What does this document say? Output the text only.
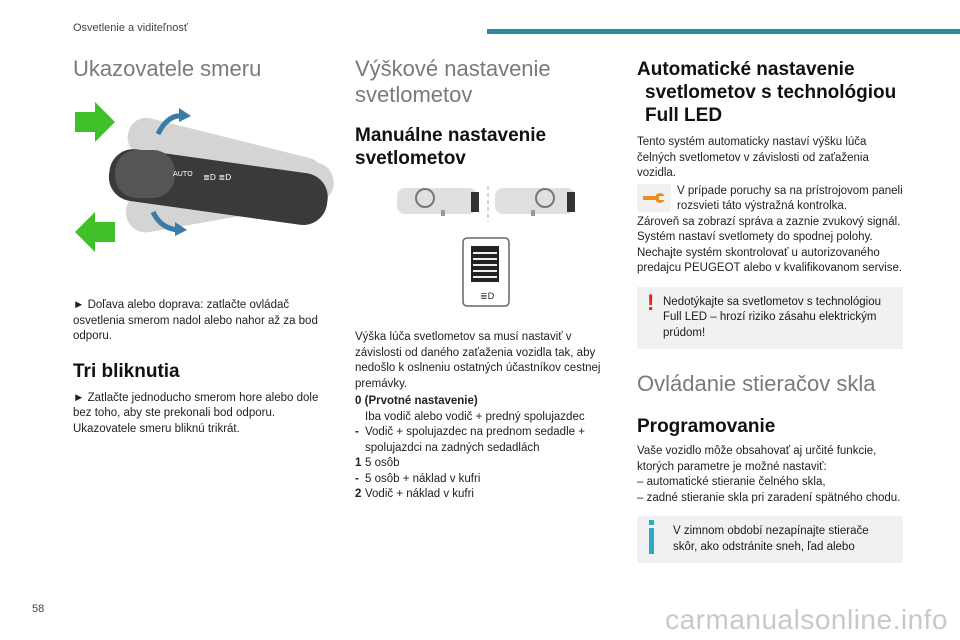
Osvetlenie a viditeľnosť
Ukazovatele smeru
AUTO ≣D ≣D

► Doľava alebo doprava: zatlačte ovládač osvetlenia smerom nadol alebo nahor až za bod odporu.

Tri bliknutia

► Zatlačte jednoducho smerom hore alebo dole bez toho, aby ste prekonali bod odporu. Ukazovatele smeru bliknú trikrát.

Výškové nastavenie
svetlometov
Manuálne nastavenie
svetlometov
≣D

Výška lúča svetlometov sa musí nastaviť v závislosti od daného zaťaženia vozidla tak, aby nedošlo k oslneniu ostatných účastníkov cestnej premávky.

0 (Prvotné nastavenie)
Iba vodič alebo vodič + predný spolujazdec
- Vodič + spolujazdec na prednom sedadle + spolujazdci na zadných sedadlách
1 5 osôb
- 5 osôb + náklad v kufri
2 Vodič + náklad v kufri
Automatické nastavenie
svetlometov s technológiou
Full LED

Tento systém automaticky nastaví výšku lúča čelných svetlometov v závislosti od zaťaženia vozidla.

V prípade poruchy sa na prístrojovom paneli rozsvieti táto výstražná kontrolka.

Zároveň sa zobrazí správa a zaznie zvukový signál.

Systém nastaví svetlomety do spodnej polohy. Nechajte systém skontrolovať u autorizovaného predajcu PEUGEOT alebo v kvalifikovanom servise.

! Nedotýkajte sa svetlometov s technológiou Full LED – hrozí riziko zásahu elektrickým prúdom!
Ovládanie stieračov skla
Programovanie

Vaše vozidlo môže obsahovať aj určité funkcie, ktorých parametre je možné nastaviť:

– automatické stieranie čelného skla,

– zadné stieranie skla pri zaradení spätného chodu.

V zimnom období nezapínajte stierače skôr, ako odstránite sneh, ľad alebo
58	carmanualsonline.info
